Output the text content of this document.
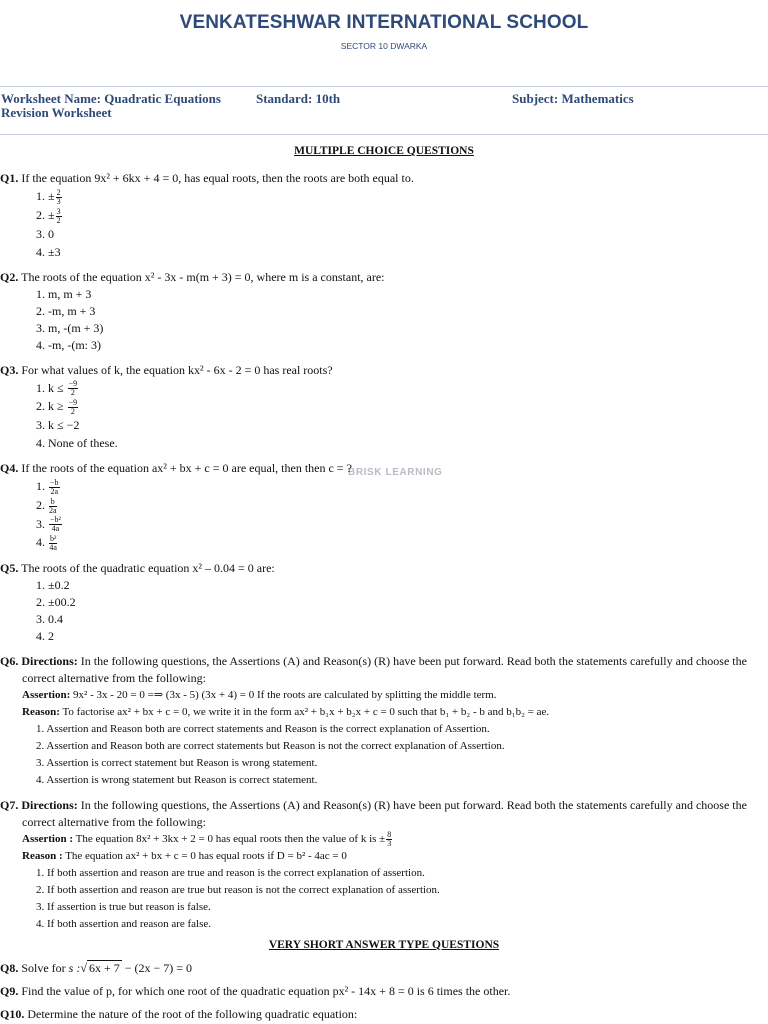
VENKATESHWAR INTERNATIONAL SCHOOL
SECTOR 10 DWARKA
Worksheet Name: Quadratic Equations
Revision Worksheet
Standard: 10th	Subject: Mathematics
BRISK LEARNING
MULTIPLE CHOICE QUESTIONS
Q1. If the equation 9x² + 6kx + 4 = 0, has equal roots, then the roots are both equal to.
1. ± $\frac{2}{3}$
2. ± $\frac{3}{2}$
3. 0
4. ±3
Q2. The roots of the equation x² - 3x - m(m + 3) = 0, where m is a constant, are:
1. m, m + 3
2. -m, m + 3
3. m, -(m + 3)
4. -m, -(m: 3)
Q3. For what values of k, the equation kx² - 6x - 2 = 0 has real roots?
1. $k \le \frac{-9}{2}$
2. $k \ge \frac{-9}{2}$
3. k ≤ −2
4. None of these.
Q4. If the roots of the equation ax² + bx + c = 0 are equal, then then c = ?
1. $\frac{-b}{2a}$
2. $\frac{b}{2a}$
3. $\frac{\text{−b²}}{4a}$
4. $\frac{\text{b²}}{4a}$
Q5. The roots of the quadratic equation x² – 0.04 = 0 are:
1. ±0.2
2. ±00.2
3. 0.4
4. 2
Q6. Directions: In the following questions, the Assertions (A) and Reason(s) (R) have been put forward. Read both the statements carefully and choose the correct alternative from the following:
Assertion: 9x² - 3x - 20 = 0 =⇒ (3x - 5) (3x + 4) = 0 If the roots are calculated by splitting the middle term.
Reason: To factorise ax² + bx + c = 0, we write it in the form ax² + b₁x + b₂x + c = 0 such that b₁ + b₂ - b and b₁b₂ = ae.
1. Assertion and Reason both are correct statements and Reason is the correct explanation of Assertion.
2. Assertion and Reason both are correct statements but Reason is not the correct explanation of Assertion.
3. Assertion is correct statement but Reason is wrong statement.
4. Assertion is wrong statement but Reason is correct statement.
Q7. Directions: In the following questions, the Assertions (A) and Reason(s) (R) have been put forward. Read both the statements carefully and choose the correct alternative from the following:
Assertion : The equation 8x² + 3kx + 2 = 0 has equal roots then the value of k is ± $\frac{8}{3}$
Reason : The equation ax² + bx + c = 0 has equal roots if D = b² - 4ac = 0
1. If both assertion and reason are true and reason is the correct explanation of assertion.
2. If both assertion and reason are true but reason is not the correct explanation of assertion.
3. If assertion is true but reason is false.
4. If both assertion and reason are false.
VERY SHORT ANSWER TYPE QUESTIONS
Q8. Solve for s :√ 6x + 7 − (2x − 7) = 0
Q9. Find the value of p, for which one root of the quadratic equation px² - 14x + 8 = 0 is 6 times the other.
Q10. Determine the nature of the root of the following quadratic equation:
